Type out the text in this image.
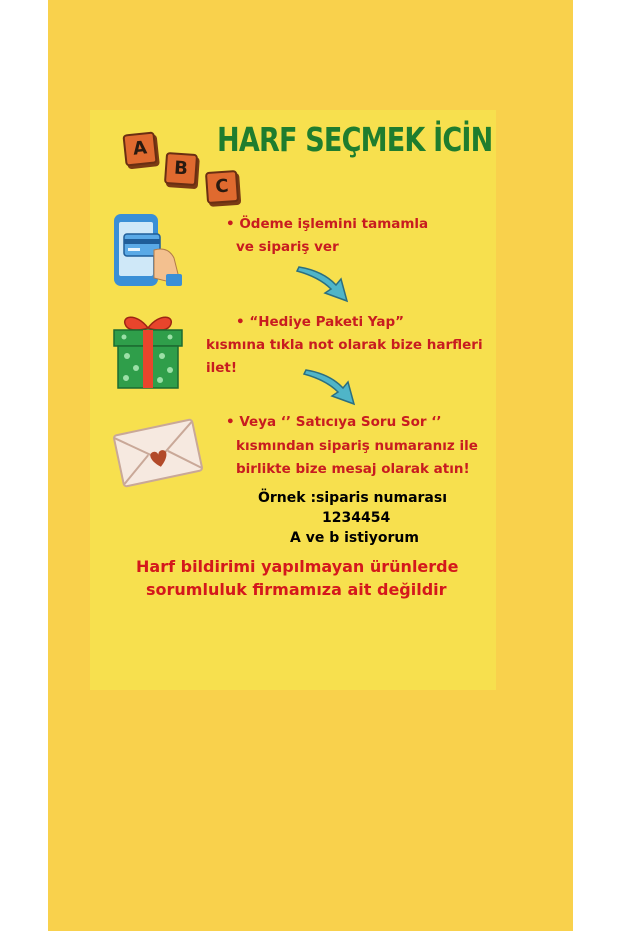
A
B
C
HARF SEÇMEK İCİN
• Ödeme işlemini tamamla
ve sipariş ver
• “Hediye Paketi Yap”
kısmına tıkla not olarak bize harfleri
ilet!
• Veya ‘’ Satıcıya Soru Sor ‘’
kısmından sipariş numaranız ile
birlikte bize mesaj olarak atın!
Örnek :siparis numarası
1234454
A ve b istiyorum
Harf bildirimi yapılmayan ürünlerde
sorumluluk firmamıza ait değildir
